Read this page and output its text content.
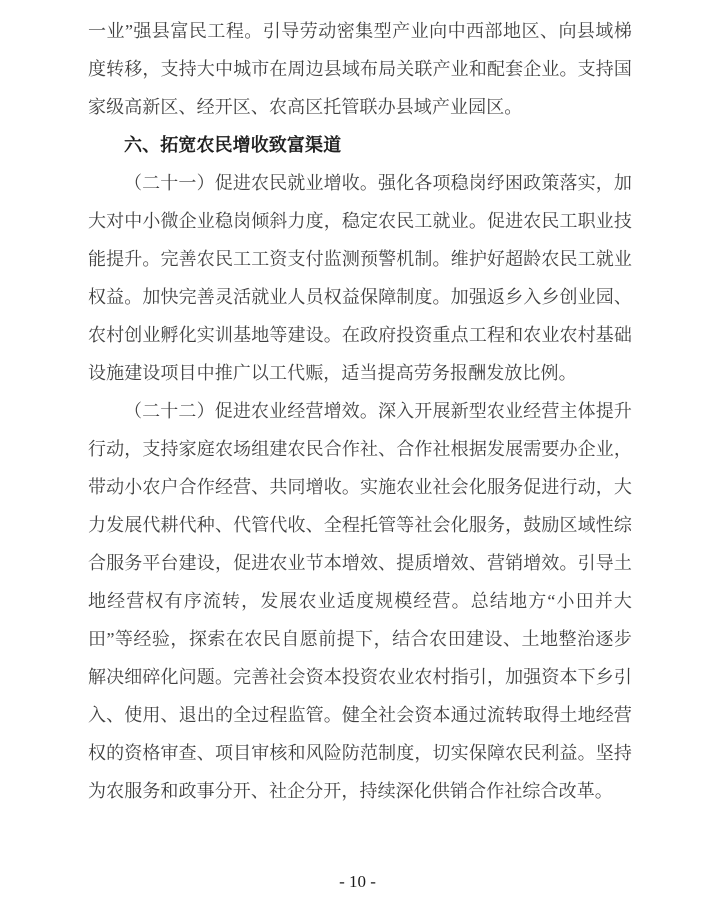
一业”强县富民工程。引导劳动密集型产业向中西部地区、向县域梯度转移，支持大中城市在周边县域布局关联产业和配套企业。支持国家级高新区、经开区、农高区托管联办县域产业园区。

六、拓宽农民增收致富渠道

（二十一）促进农民就业增收。强化各项稳岗纾困政策落实，加大对中小微企业稳岗倾斜力度，稳定农民工就业。促进农民工职业技能提升。完善农民工工资支付监测预警机制。维护好超龄农民工就业权益。加快完善灵活就业人员权益保障制度。加强返乡入乡创业园、农村创业孵化实训基地等建设。在政府投资重点工程和农业农村基础设施建设项目中推广以工代赈，适当提高劳务报酬发放比例。

（二十二）促进农业经营增效。深入开展新型农业经营主体提升行动，支持家庭农场组建农民合作社、合作社根据发展需要办企业，带动小农户合作经营、共同增收。实施农业社会化服务促进行动，大力发展代耕代种、代管代收、全程托管等社会化服务，鼓励区域性综合服务平台建设，促进农业节本增效、提质增效、营销增效。引导土地经营权有序流转，发展农业适度规模经营。总结地方“小田并大田”等经验，探索在农民自愿前提下，结合农田建设、土地整治逐步解决细碎化问题。完善社会资本投资农业农村指引，加强资本下乡引入、使用、退出的全过程监管。健全社会资本通过流转取得土地经营权的资格审查、项目审核和风险防范制度，切实保障农民利益。坚持为农服务和政事分开、社企分开，持续深化供销合作社综合改革。

- 10 -
